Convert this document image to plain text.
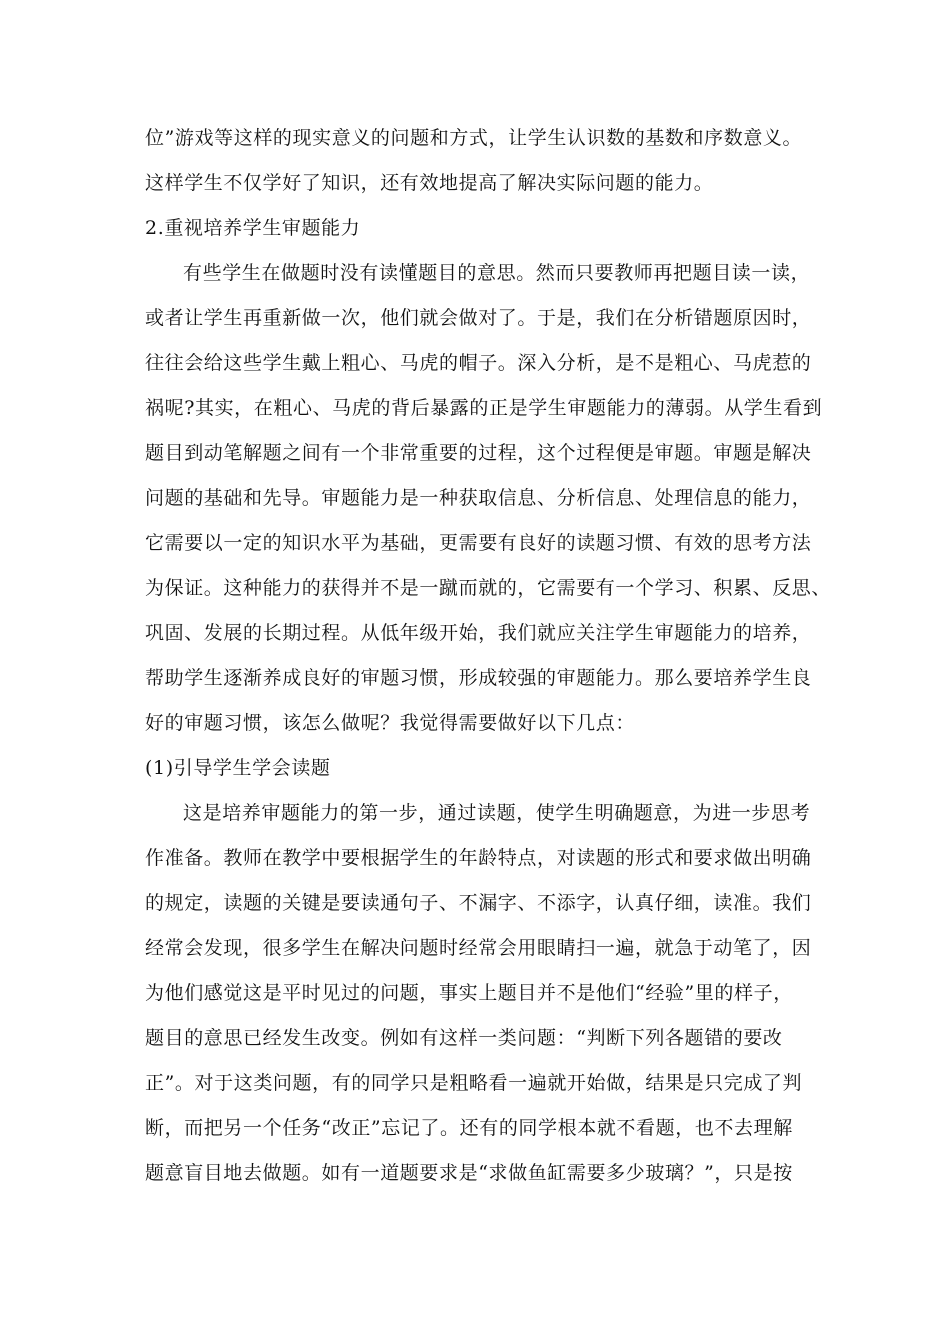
位”游戏等这样的现实意义的问题和方式，让学生认识数的基数和序数意义。
这样学生不仅学好了知识，还有效地提高了解决实际问题的能力。
2.重视培养学生审题能力
有些学生在做题时没有读懂题目的意思。然而只要教师再把题目读一读，
或者让学生再重新做一次，他们就会做对了。于是，我们在分析错题原因时，
往往会给这些学生戴上粗心、马虎的帽子。深入分析，是不是粗心、马虎惹的
祸呢?其实，在粗心、马虎的背后暴露的正是学生审题能力的薄弱。从学生看到
题目到动笔解题之间有一个非常重要的过程，这个过程便是审题。审题是解决
问题的基础和先导。审题能力是一种获取信息、分析信息、处理信息的能力，
它需要以一定的知识水平为基础，更需要有良好的读题习惯、有效的思考方法
为保证。这种能力的获得并不是一蹴而就的，它需要有一个学习、积累、反思、
巩固、发展的长期过程。从低年级开始，我们就应关注学生审题能力的培养，
帮助学生逐渐养成良好的审题习惯，形成较强的审题能力。那么要培养学生良
好的审题习惯，该怎么做呢？我觉得需要做好以下几点：
(1)引导学生学会读题
这是培养审题能力的第一步，通过读题，使学生明确题意，为进一步思考
作准备。教师在教学中要根据学生的年龄特点，对读题的形式和要求做出明确
的规定，读题的关键是要读通句子、不漏字、不添字，认真仔细，读准。我们
经常会发现，很多学生在解决问题时经常会用眼睛扫一遍，就急于动笔了，因
为他们感觉这是平时见过的问题，事实上题目并不是他们“经验”里的样子，
题目的意思已经发生改变。例如有这样一类问题：“判断下列各题错的要改
正”。对于这类问题，有的同学只是粗略看一遍就开始做，结果是只完成了判
断，而把另一个任务“改正”忘记了。还有的同学根本就不看题，也不去理解
题意盲目地去做题。如有一道题要求是“求做鱼缸需要多少玻璃？”，只是按
